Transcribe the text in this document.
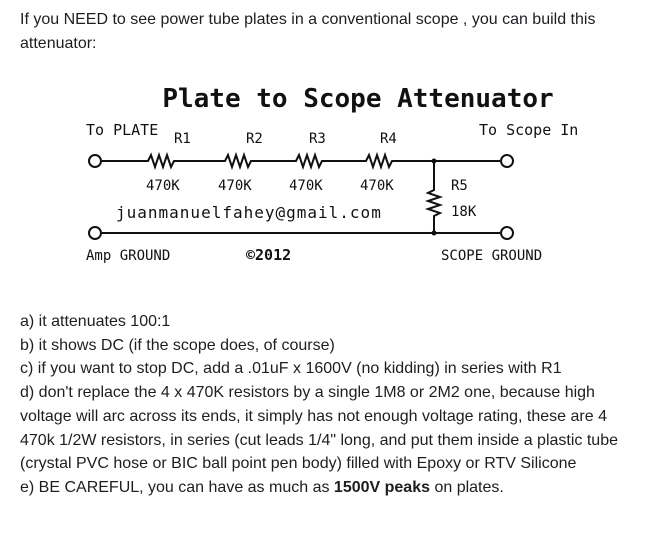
If you NEED to see power tube plates in a conventional scope , you can build this attenuator:

Plate to Scope Attenuator
To PLATE	To Scope In
R1	R2	R3	R4
470K	470K	470K	470K	R5
18K
juanmanuelfahey@gmail.com
Amp GROUND	©2012	SCOPE GROUND

a) it attenuates 100:1

b) it shows DC (if the scope does, of course)

c) if you want to stop DC, add a .01uF x 1600V (no kidding) in series with R1

d) don't replace the 4 x 470K resistors by a single 1M8 or 2M2 one, because high voltage will arc across its ends, it simply has not enough voltage rating, these are 4 470k 1/2W resistors, in series (cut leads 1/4" long, and put them inside a plastic tube (crystal PVC hose or BIC ball point pen body) filled with Epoxy or RTV Silicone

e) BE CAREFUL, you can have as much as 1500V peaks on plates.
